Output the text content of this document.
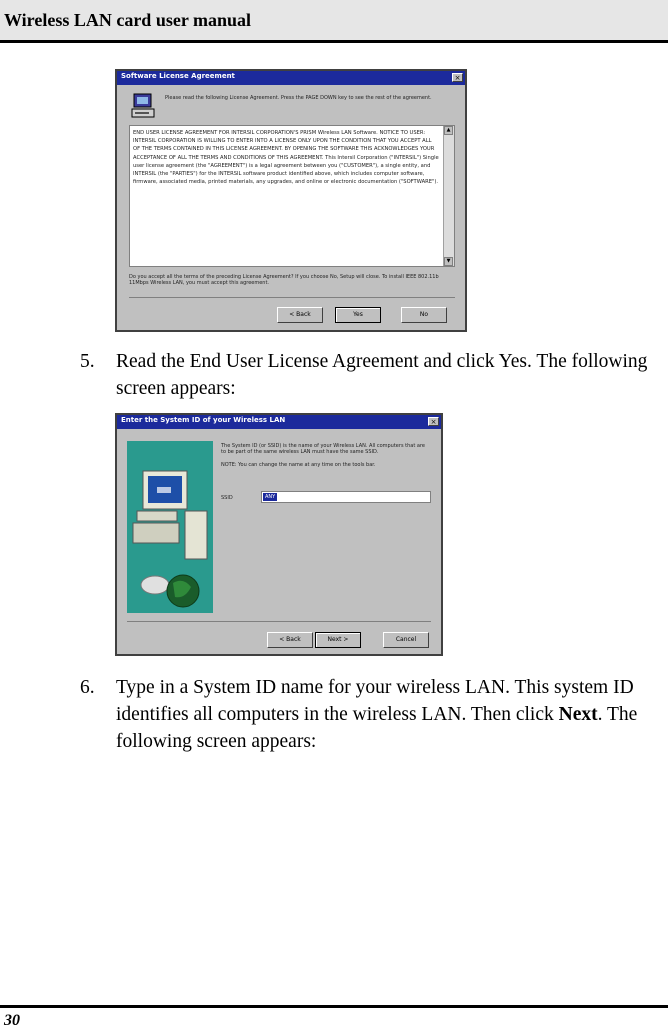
Wireless LAN card user manual
Software License Agreement	×
Please read the following License Agreement. Press the PAGE DOWN key to see the rest of the agreement.
END USER LICENSE AGREEMENT FOR INTERSIL CORPORATION'S PRISM Wireless LAN Software. NOTICE TO USER: INTERSIL CORPORATION IS WILLING TO ENTER INTO A LICENSE ONLY UPON THE CONDITION THAT YOU ACCEPT ALL OF THE TERMS CONTAINED IN THIS LICENSE AGREEMENT. BY OPENING THE SOFTWARE THIS ACKNOWLEDGES YOUR ACCEPTANCE OF ALL THE TERMS AND CONDITIONS OF THIS AGREEMENT. This Intersil Corporation ("INTERSIL") Single user license agreement (the "AGREEMENT") is a legal agreement between you ("CUSTOMER"), a single entity, and INTERSIL (the "PARTIES") for the INTERSIL software product identified above, which includes computer software, firmware, associated media, printed materials, any upgrades, and online or electronic documentation ("SOFTWARE").
▲
▼
Do you accept all the terms of the preceding License Agreement? If you choose No, Setup will close. To install IEEE 802.11b 11Mbps Wireless LAN, you must accept this agreement.
< Back	Yes	No
5. Read the End User License Agreement and click Yes. The following screen appears:
Enter the System ID of your Wireless LAN	×
The System ID (or SSID) is the name of your Wireless LAN. All computers that are to be part of the same wireless LAN must have the same SSID.
NOTE: You can change the name at any time on the tools bar.
SSID	ANY
< Back	Next >	Cancel
6. Type in a System ID name for your wireless LAN. This system ID identifies all computers in the wireless LAN. Then click Next. The following screen appears:
30
